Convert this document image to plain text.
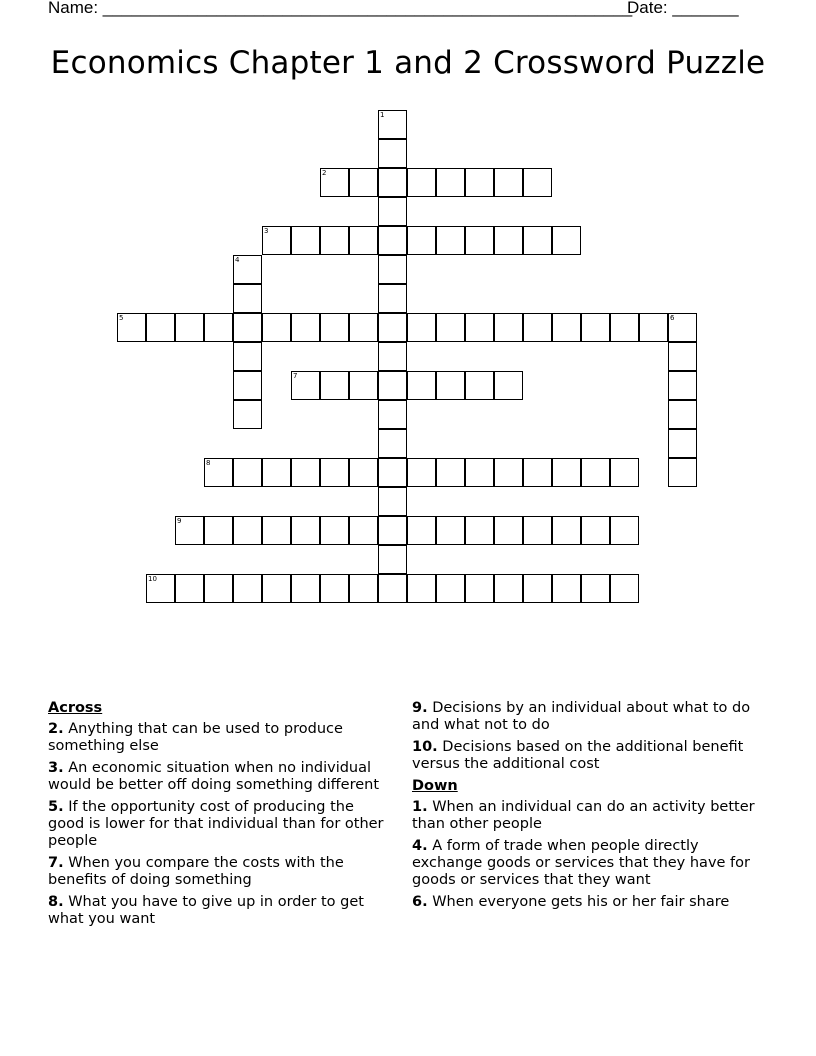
Name: ________________________________________________________
Date: _______
Economics Chapter 1 and 2 Crossword Puzzle
1
2
3
4
5	6
7
8
9
10
Across
2. Anything that can be used to produce something else
3. An economic situation when no individual would be better off doing something different
5. If the opportunity cost of producing the good is lower for that individual than for other people
7. When you compare the costs with the benefits of doing something
8. What you have to give up in order to get what you want
9. Decisions by an individual about what to do and what not to do
10. Decisions based on the additional benefit versus the additional cost
Down
1. When an individual can do an activity better than other people
4. A form of trade when people directly exchange goods or services that they have for goods or services that they want
6. When everyone gets his or her fair share
